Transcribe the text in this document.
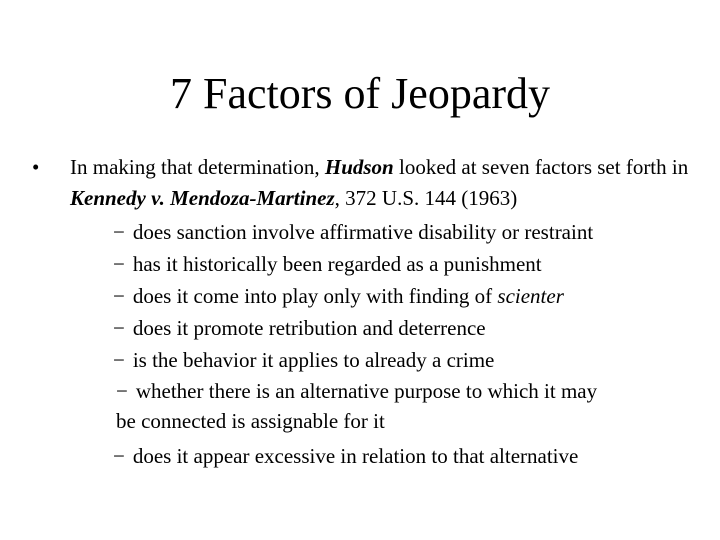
7 Factors of Jeopardy
• In making that determination, Hudson looked at seven factors set forth in Kennedy v. Mendoza-Martinez, 372 U.S. 144 (1963)
− does sanction involve affirmative disability or restraint
− has it historically been regarded as a punishment
− does it come into play only with finding of scienter
− does it promote retribution and deterrence
− is the behavior it applies to already a crime
− whether there is an alternative purpose to which it may
be connected is assignable for it
− does it appear excessive in relation to that alternative
